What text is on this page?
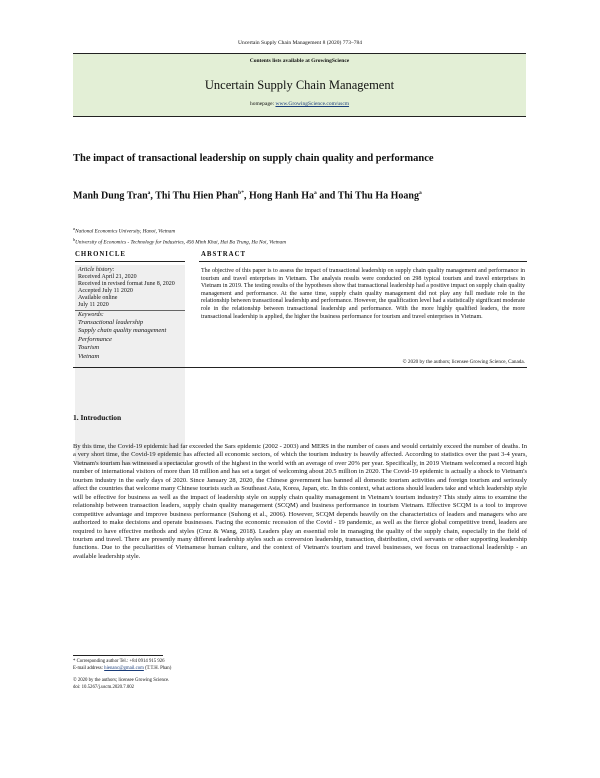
Uncertain Supply Chain Management 8 (2020) 773–784
Contents lists available at GrowingScience
Uncertain Supply Chain Management
homepage: www.GrowingScience.com/uscm
The impact of transactional leadership on supply chain quality and performance
Manh Dung Tran$^a$, Thi Thu Hien Phan$^{b*}$, Hong Hanh Ha$^a$ and Thi Thu Ha Hoang$^a$
$^a$National Economics University, Hanoi, Vietnam
$^b$University of Economics - Technology for Industries, 456 Minh Khai, Hai Ba Trung, Ha Noi, Vietnam
CHRONICLE	ABSTRACT
Article history:
Received April 21, 2020
Received in revised format June 8, 2020
Accepted July 11 2020
Available online
July 11 2020
Keywords:
Transactional leadership
Supply chain quality management
Performance
Tourism
Vietnam
The objective of this paper is to assess the impact of transactional leadership on supply chain quality management and performance in tourism and travel enterprises in Vietnam. The analysis results were conducted on 298 typical tourism and travel enterprises in Vietnam in 2019. The testing results of the hypotheses show that transactional leadership had a positive impact on supply chain quality management and performance. At the same time, supply chain quality management did not play any full mediate role in the relationship between transactional leadership and performance. However, the qualification level had a statistically significant moderate role in the relationship between transactional leadership and performance. With the more highly qualified leaders, the more transactional leadership is applied, the higher the business performance for tourism and travel enterprises in Vietnam.
© 2020 by the authors; licensee Growing Science, Canada.
1. Introduction
By this time, the Covid-19 epidemic had far exceeded the Sars epidemic (2002 - 2003) and MERS in the number of cases and would certainly exceed the number of deaths. In a very short time, the Covid-19 epidemic has affected all economic sectors, of which the tourism industry is heavily affected. According to statistics over the past 3-4 years, Vietnam's tourism has witnessed a spectacular growth of the highest in the world with an average of over 20% per year. Specifically, in 2019 Vietnam welcomed a record high number of international visitors of more than 18 million and has set a target of welcoming about 20.5 million in 2020. The Covid-19 epidemic is actually a shock to Vietnam's tourism industry in the early days of 2020. Since January 28, 2020, the Chinese government has banned all domestic tourism activities and foreign tourism and seriously affect the countries that welcome many Chinese tourists such as Southeast Asia, Korea, Japan, etc. In this context, what actions should leaders take and which leadership style will be effective for business as well as the impact of leadership style on supply chain quality management in Vietnam's tourism industry? This study aims to examine the relationship between transaction leaders, supply chain quality management (SCQM) and business performance in tourism Vietnam. Effective SCQM is a tool to improve competitive advantage and improve business performance (Suhong et al., 2006). However, SCQM depends heavily on the characteristics of leaders and managers who are authorized to make decisions and operate businesses. Facing the economic recession of the Covid - 19 pandemic, as well as the fierce global competitive trend, leaders are required to have effective methods and styles (Cruz & Wang, 2018). Leaders play an essential role in managing the quality of the supply chain, especially in the field of tourism and travel. There are presently many different leadership styles such as conversion leadership, transaction, distribution, civil servants or other supporting leadership functions. Due to the peculiarities of Vietnamese human culture, and the context of Vietnam's tourism and travel businesses, we focus on transactional leadership - an available leadership style.
* Corresponding author Tel.: +84 0914 915 926
E-mail address: hienanc@gmail.com (T.T.H. Phan)
© 2020 by the authors; licensee Growing Science.
doi: 10.5267/j.uscm.2020.7.002
